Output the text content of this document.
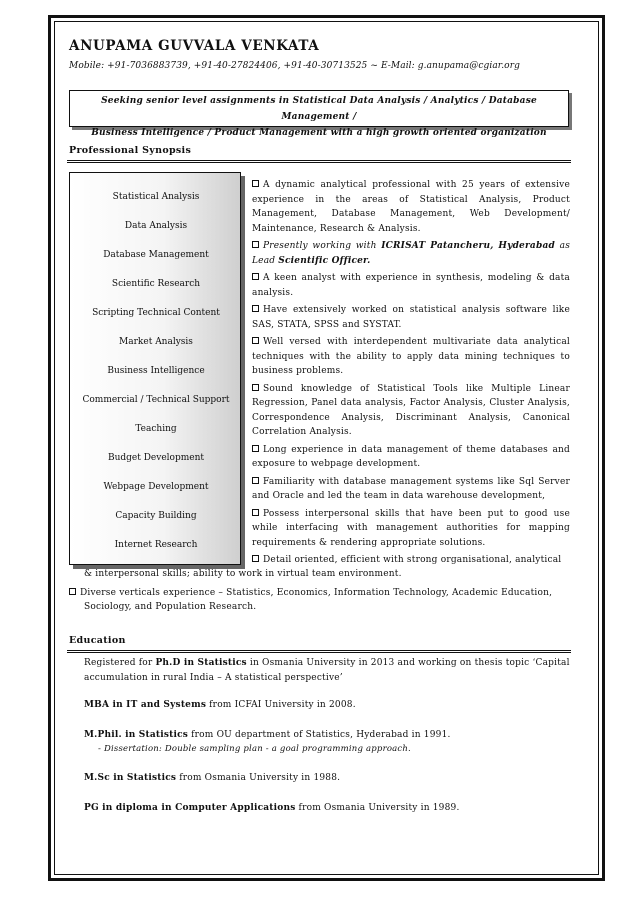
ANUPAMA GUVVALA VENKATA
Mobile: +91-7036883739, +91-40-27824406, +91-40-30713525 ~ E-Mail: g.anupama@cgiar.org
Seeking senior level assignments in Statistical Data Analysis / Analytics / Database Management /
Business Intelligence / Product Management with a high growth oriented organization
Professional Synopsis
Statistical Analysis
Data Analysis
Database Management
Scientific Research
Scripting Technical Content
Market Analysis
Business Intelligence
Commercial / Technical Support
Teaching
Budget Development
Webpage Development
Capacity Building
Internet Research
A dynamic analytical professional with 25 years of extensive experience in the areas of Statistical Analysis, Product Management, Database Management, Web Development/ Maintenance, Research & Analysis.
Presently working with ICRISAT Patancheru, Hyderabad as Lead Scientific Officer.
A keen analyst with experience in synthesis, modeling & data analysis.
Have extensively worked on statistical analysis software like SAS, STATA, SPSS and SYSTAT.
Well versed with interdependent multivariate data analytical techniques with the ability to apply data mining techniques to business problems.
Sound knowledge of Statistical Tools like Multiple Linear Regression, Panel data analysis, Factor Analysis, Cluster Analysis, Correspondence Analysis, Discriminant Analysis, Canonical Correlation Analysis.
Long experience in data management of theme databases and exposure to webpage development.
Familiarity with database management systems like Sql Server and Oracle and led the team in data warehouse development,
Possess interpersonal skills that have been put to good use while interfacing with management authorities for mapping requirements & rendering appropriate solutions.
Detail oriented, efficient with strong organisational, analytical
& interpersonal skills; ability to work in virtual team environment.
Diverse verticals experience – Statistics, Economics, Information Technology, Academic Education,
Sociology, and Population Research.
Education
Registered for Ph.D in Statistics in Osmania University in 2013 and working on thesis topic ‘Capital accumulation in rural India – A statistical perspective’
MBA in IT and Systems from ICFAI University in 2008.
M.Phil. in Statistics from OU department of Statistics, Hyderabad in 1991.
- Dissertation: Double sampling plan - a goal programming approach.
M.Sc in Statistics from Osmania University in 1988.
PG in diploma in Computer Applications from Osmania University in 1989.
